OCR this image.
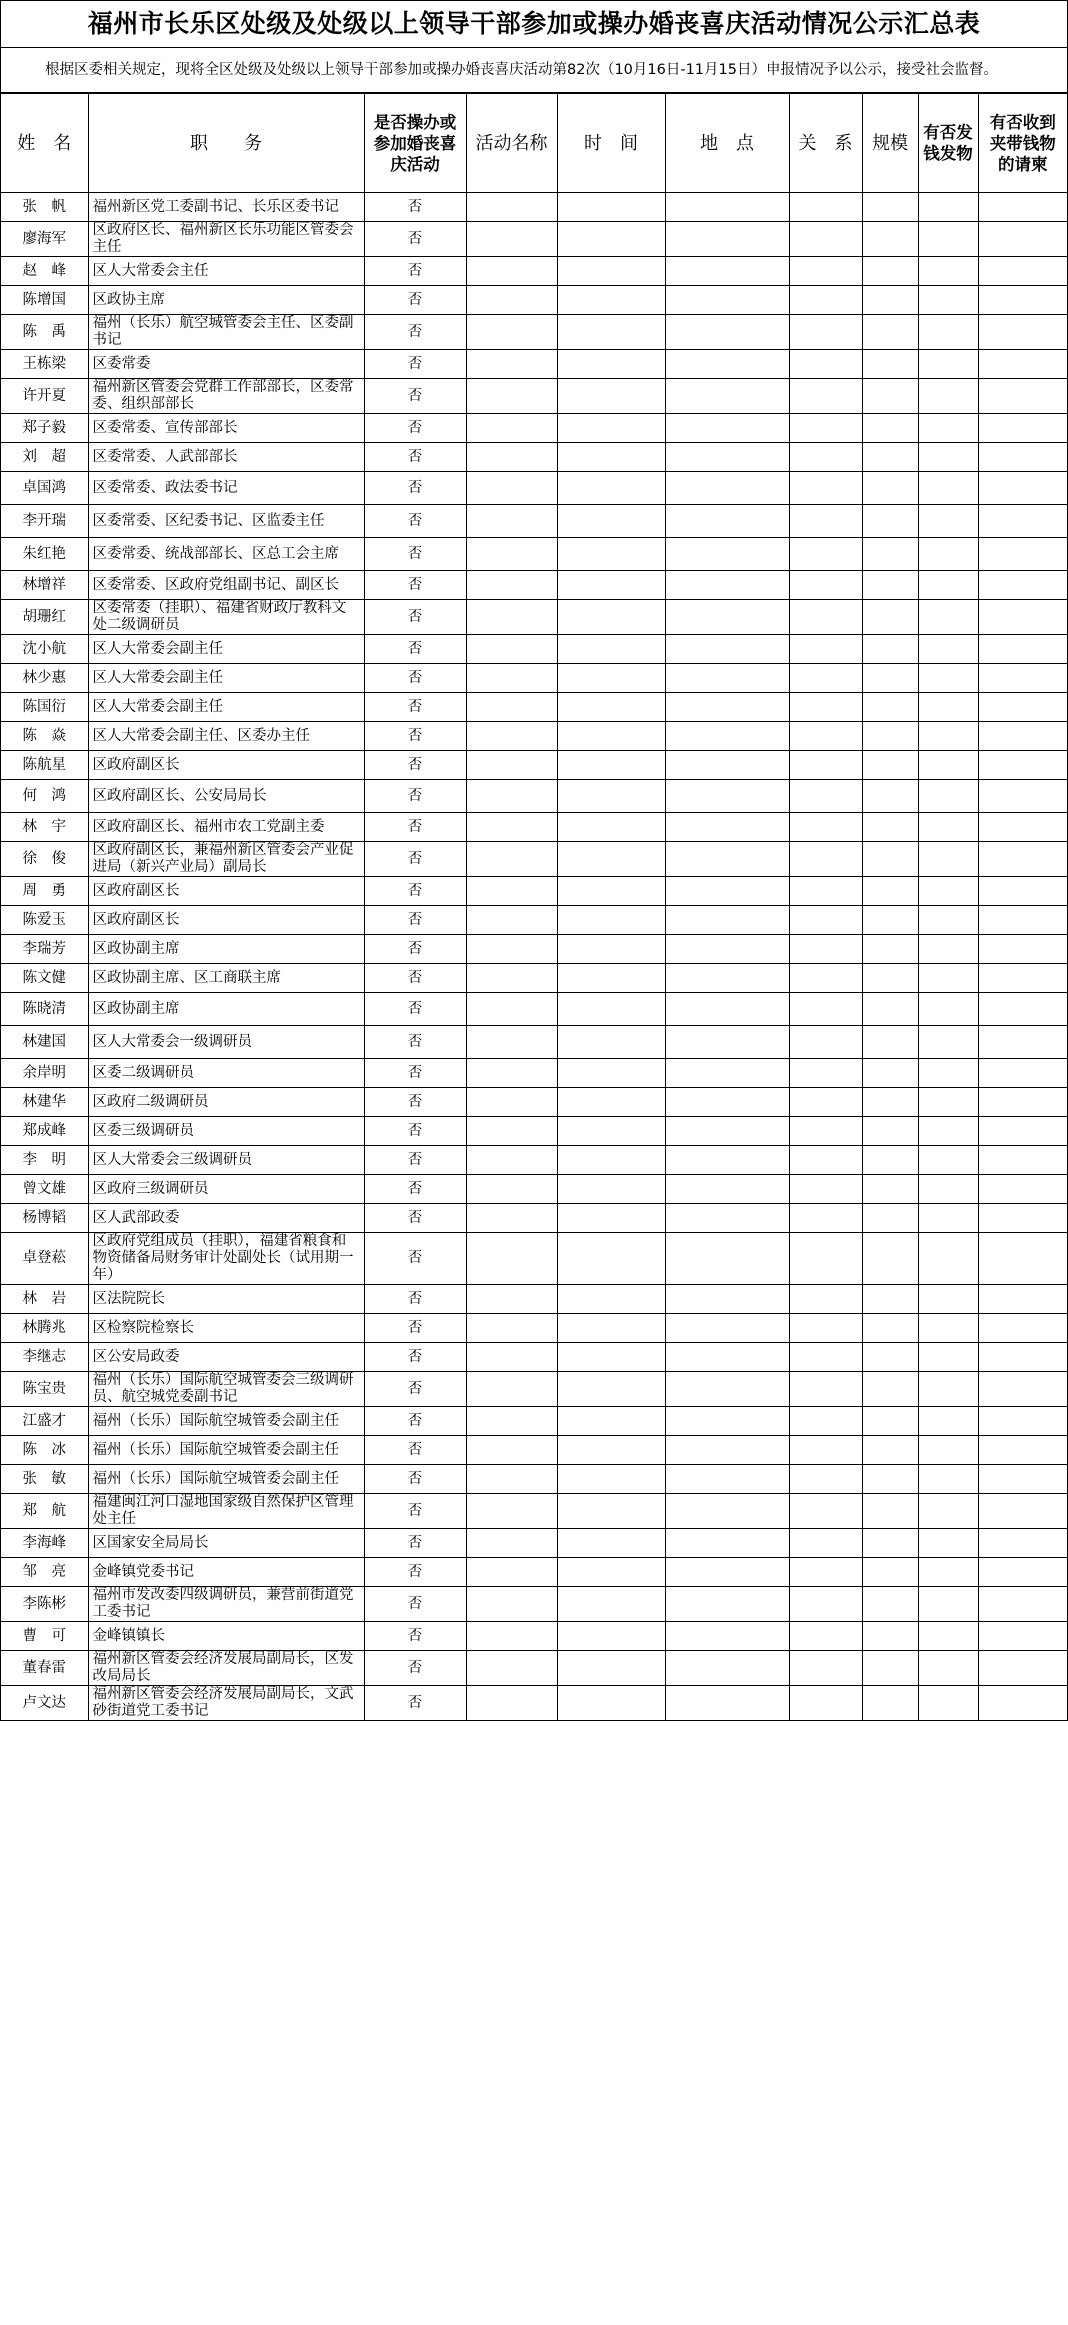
福州市长乐区处级及处级以上领导干部参加或操办婚丧喜庆活动情况公示汇总表
根据区委相关规定，现将全区处级及处级以上领导干部参加或操办婚丧喜庆活动第82次（10月16日-11月15日）申报情况予以公示，接受社会监督。
姓　名	职　　务	是否操办或参加婚丧喜庆活动	活动名称	时　间	地　点	关　系	规模	有否发钱发物	有否收到夹带钱物的请柬
张　帆	福州新区党工委副书记、长乐区委书记	否							
廖海军	区政府区长、福州新区长乐功能区管委会主任	否							
赵　峰	区人大常委会主任	否							
陈增国	区政协主席	否							
陈　禹	福州（长乐）航空城管委会主任、区委副书记	否							
王栋梁	区委常委	否							
许开夏	福州新区管委会党群工作部部长，区委常委、组织部部长	否							
郑子毅	区委常委、宣传部部长	否							
刘　超	区委常委、人武部部长	否							
卓国鸿	区委常委、政法委书记	否							
李开瑞	区委常委、区纪委书记、区监委主任	否							
朱红艳	区委常委、统战部部长、区总工会主席	否							
林增祥	区委常委、区政府党组副书记、副区长	否							
胡珊红	区委常委（挂职）、福建省财政厅教科文处二级调研员	否							
沈小航	区人大常委会副主任	否							
林少惠	区人大常委会副主任	否							
陈国衍	区人大常委会副主任	否							
陈　焱	区人大常委会副主任、区委办主任	否							
陈航星	区政府副区长	否							
何　鸿	区政府副区长、公安局局长	否							
林　宇	区政府副区长、福州市农工党副主委	否							
徐　俊	区政府副区长，兼福州新区管委会产业促进局（新兴产业局）副局长	否							
周　勇	区政府副区长	否							
陈爱玉	区政府副区长	否							
李瑞芳	区政协副主席	否							
陈文健	区政协副主席、区工商联主席	否							
陈晓清	区政协副主席	否							
林建国	区人大常委会一级调研员	否							
余岸明	区委二级调研员	否							
林建华	区政府二级调研员	否							
郑成峰	区委三级调研员	否							
李　明	区人大常委会三级调研员	否							
曾文雄	区政府三级调研员	否							
杨博韬	区人武部政委	否							
卓登菘	区政府党组成员（挂职），福建省粮食和物资储备局财务审计处副处长（试用期一年）	否							
林　岩	区法院院长	否							
林腾兆	区检察院检察长	否							
李继志	区公安局政委	否							
陈宝贵	福州（长乐）国际航空城管委会三级调研员、航空城党委副书记	否							
江盛才	福州（长乐）国际航空城管委会副主任	否							
陈　冰	福州（长乐）国际航空城管委会副主任	否							
张　敏	福州（长乐）国际航空城管委会副主任	否							
郑　航	福建闽江河口湿地国家级自然保护区管理处主任	否							
李海峰	区国家安全局局长	否							
邹　亮	金峰镇党委书记	否							
李陈彬	福州市发改委四级调研员，兼营前街道党工委书记	否							
曹　可	金峰镇镇长	否							
董春雷	福州新区管委会经济发展局副局长，区发改局局长	否							
卢文达	福州新区管委会经济发展局副局长，文武砂街道党工委书记	否							
